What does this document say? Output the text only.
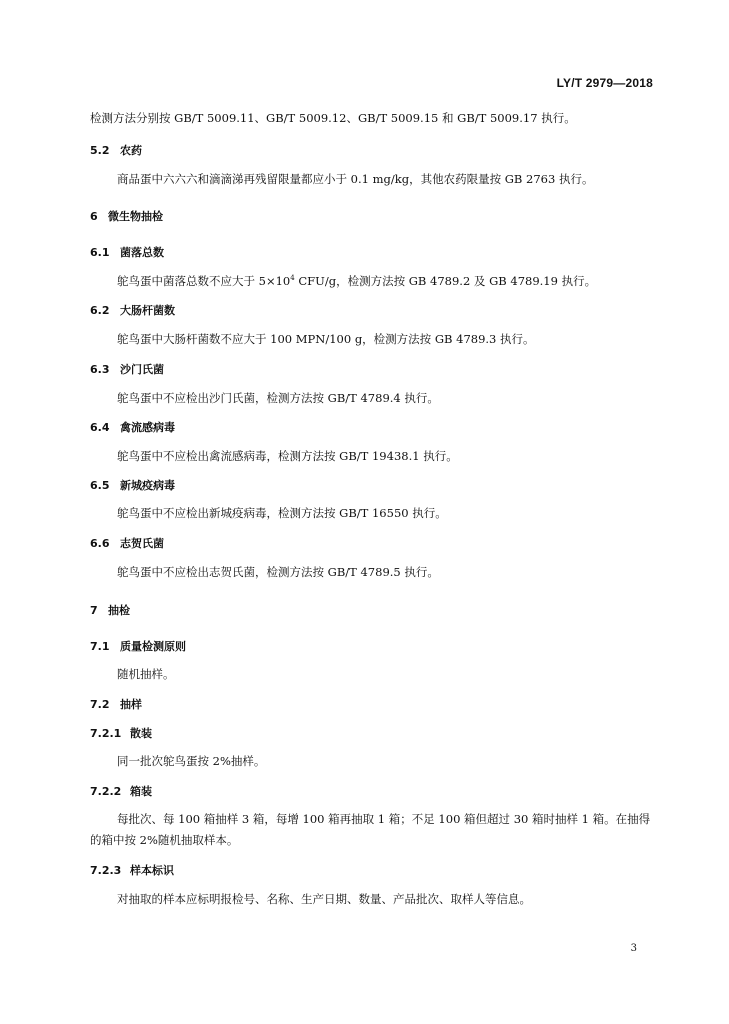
LY/T 2979—2018
检测方法分别按 GB/T 5009.11、GB/T 5009.12、GB/T 5009.15 和 GB/T 5009.17 执行。
5.2 农药
商品蛋中六六六和滴滴涕再残留限量都应小于 0.1 mg/kg，其他农药限量按 GB 2763 执行。
6 微生物抽检
6.1 菌落总数
鸵鸟蛋中菌落总数不应大于 $5\times 10^4$ CFU/g，检测方法按 GB 4789.2 及 GB 4789.19 执行。
6.2 大肠杆菌数
鸵鸟蛋中大肠杆菌数不应大于 100 MPN/100 g，检测方法按 GB 4789.3 执行。
6.3 沙门氏菌
鸵鸟蛋中不应检出沙门氏菌，检测方法按 GB/T 4789.4 执行。
6.4 禽流感病毒
鸵鸟蛋中不应检出禽流感病毒，检测方法按 GB/T 19438.1 执行。
6.5 新城疫病毒
鸵鸟蛋中不应检出新城疫病毒，检测方法按 GB/T 16550 执行。
6.6 志贺氏菌
鸵鸟蛋中不应检出志贺氏菌，检测方法按 GB/T 4789.5 执行。
7 抽检
7.1 质量检测原则
随机抽样。
7.2 抽样
7.2.1 散装
同一批次鸵鸟蛋按 2%抽样。
7.2.2 箱装
每批次、每 100 箱抽样 3 箱，每增 100 箱再抽取 1 箱；不足 100 箱但超过 30 箱时抽样 1 箱。在抽得
的箱中按 2%随机抽取样本。
7.2.3 样本标识
对抽取的样本应标明报检号、名称、生产日期、数量、产品批次、取样人等信息。
3
